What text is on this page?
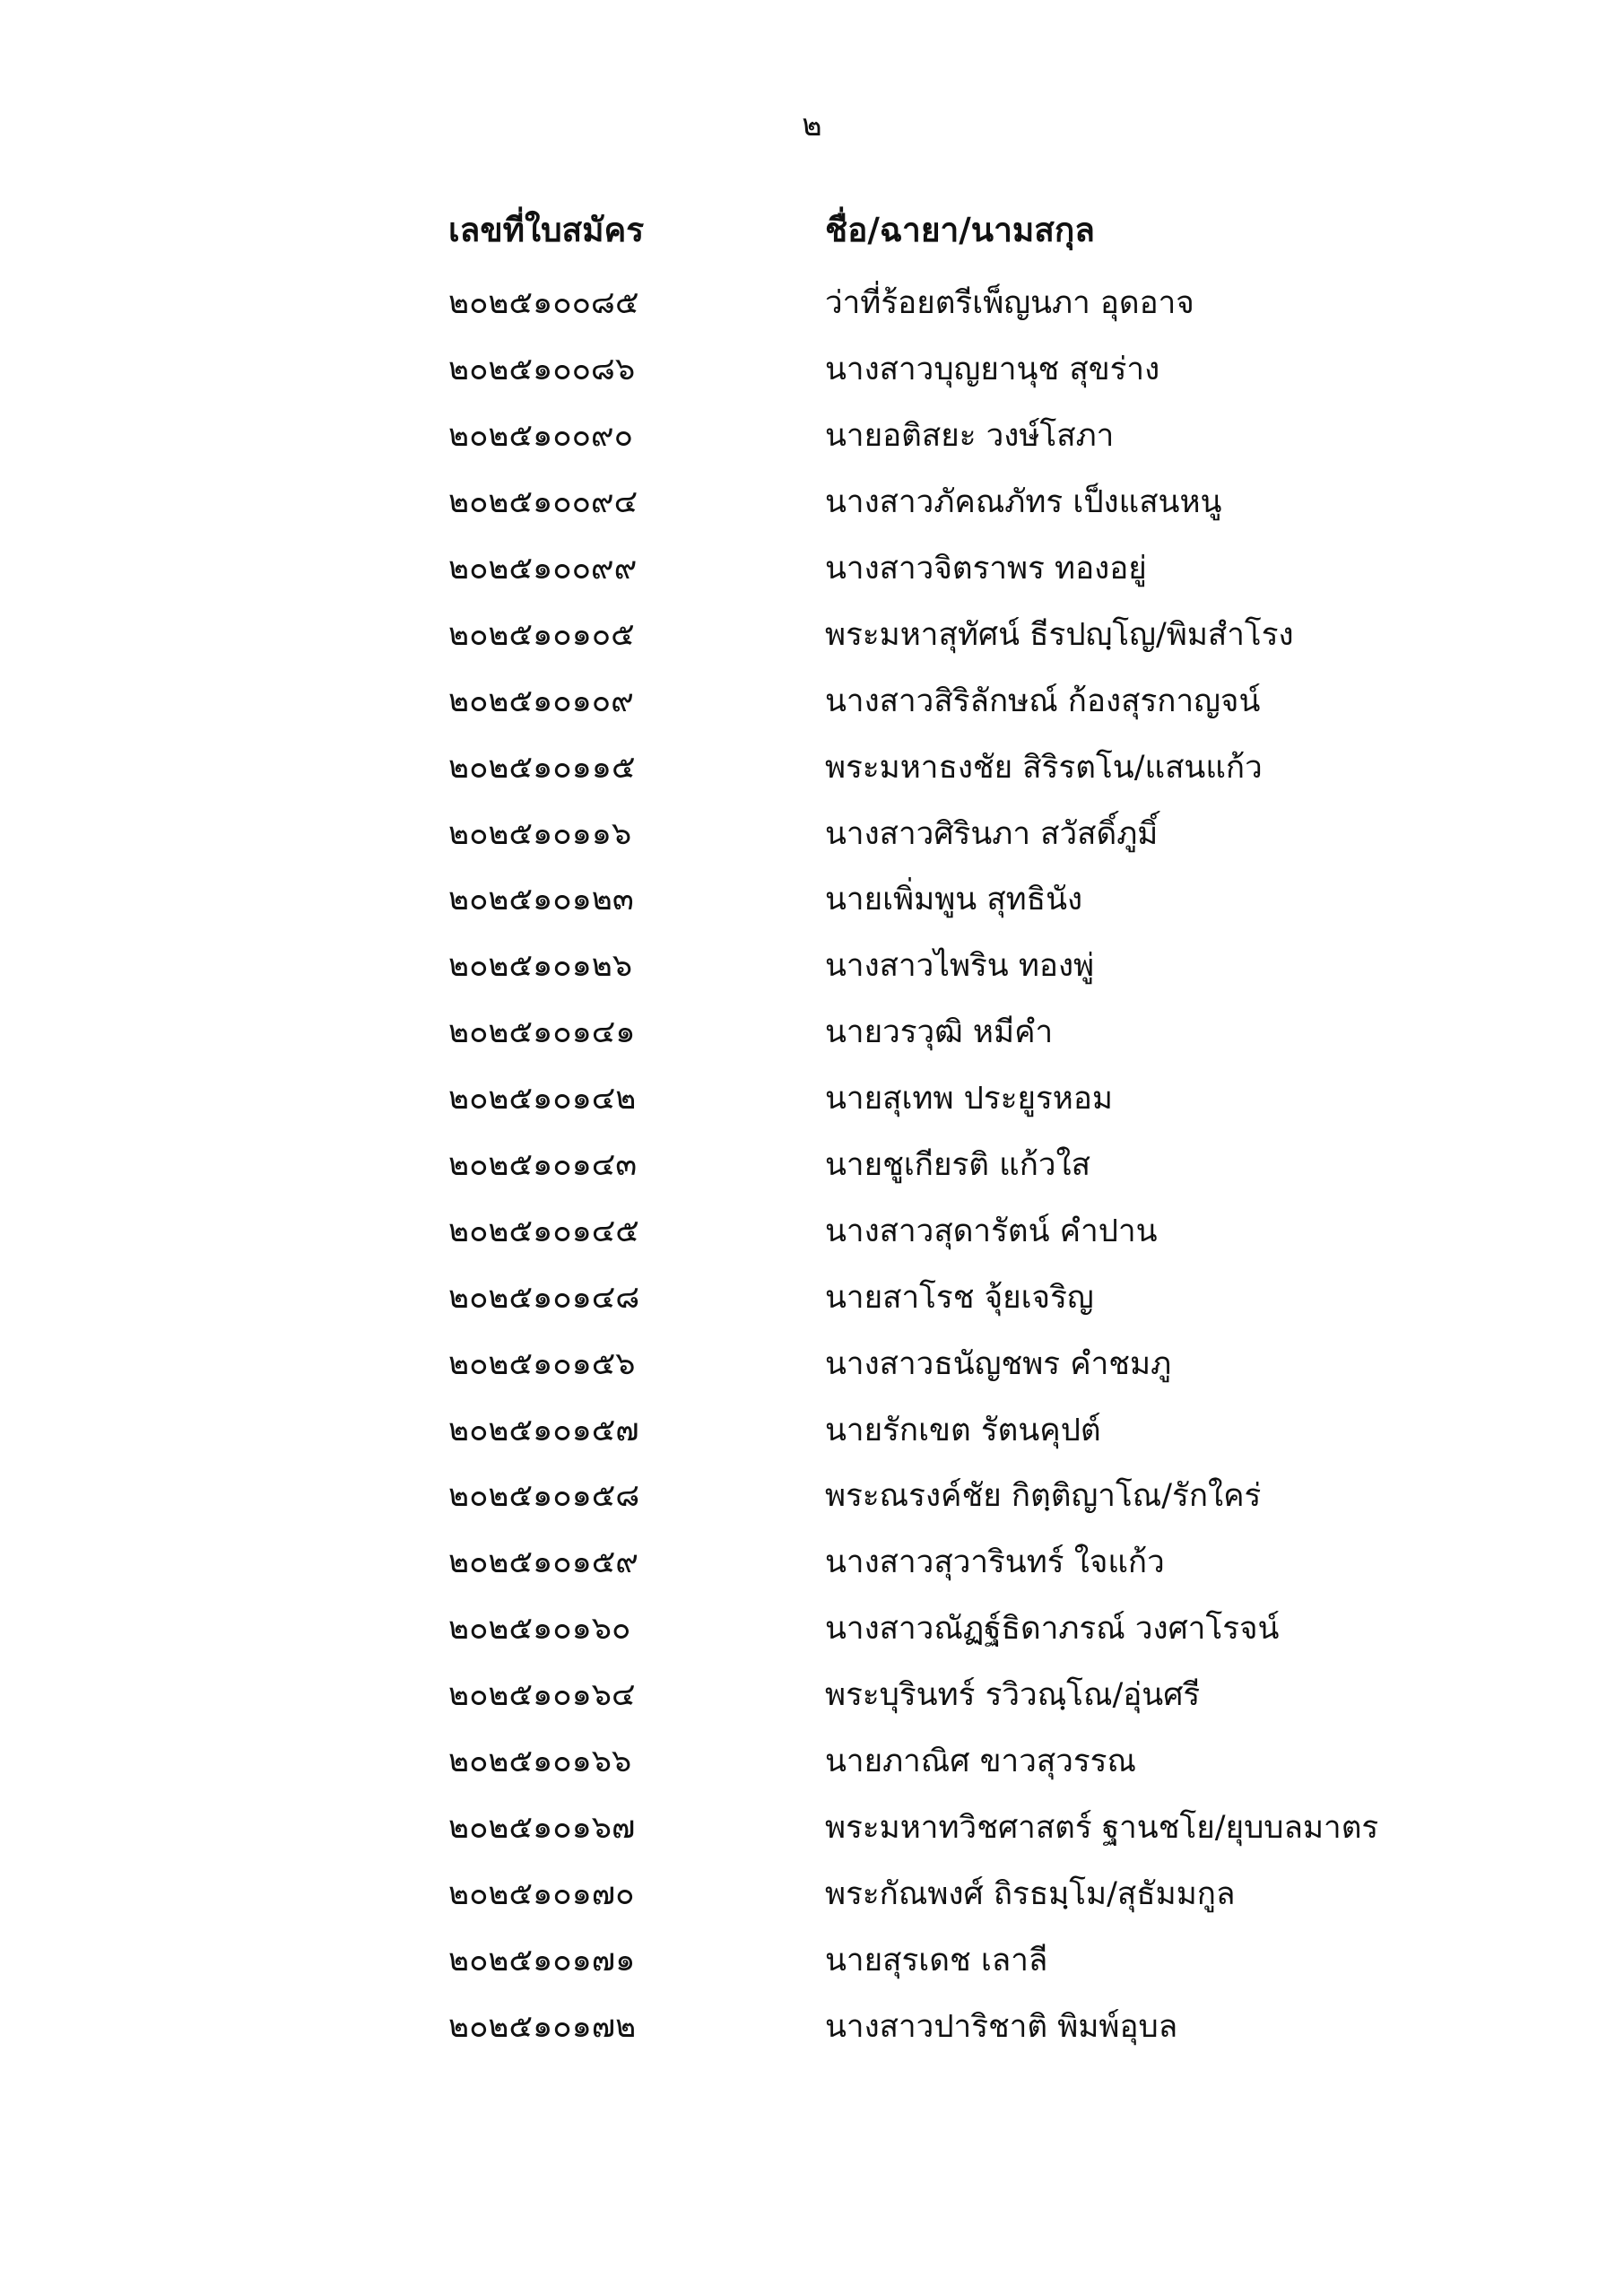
๒
เลขที่ใบสมัคร	ชื่อ/ฉายา/นามสกุล
๒๐๒๕๑๐๐๘๕	ว่าที่ร้อยตรีเพ็ญนภา อุดอาจ
๒๐๒๕๑๐๐๘๖	นางสาวบุญยานุช สุขร่าง
๒๐๒๕๑๐๐๙๐	นายอติสยะ วงษ์โสภา
๒๐๒๕๑๐๐๙๔	นางสาวภัคณภัทร เป็งแสนหนู
๒๐๒๕๑๐๐๙๙	นางสาวจิตราพร ทองอยู่
๒๐๒๕๑๐๑๐๕	พระมหาสุทัศน์ ธีรปญฺโญ/พิมสำโรง
๒๐๒๕๑๐๑๐๙	นางสาวสิริลักษณ์ ก้องสุรกาญจน์
๒๐๒๕๑๐๑๑๕	พระมหาธงชัย สิริรตโน/แสนแก้ว
๒๐๒๕๑๐๑๑๖	นางสาวศิรินภา สวัสดิ์ภูมิ์
๒๐๒๕๑๐๑๒๓	นายเพิ่มพูน สุทธินัง
๒๐๒๕๑๐๑๒๖	นางสาวไพริน ทองพู่
๒๐๒๕๑๐๑๔๑	นายวรวุฒิ หมีคำ
๒๐๒๕๑๐๑๔๒	นายสุเทพ ประยูรหอม
๒๐๒๕๑๐๑๔๓	นายชูเกียรติ แก้วใส
๒๐๒๕๑๐๑๔๕	นางสาวสุดารัตน์ คำปาน
๒๐๒๕๑๐๑๔๘	นายสาโรช จุ้ยเจริญ
๒๐๒๕๑๐๑๕๖	นางสาวธนัญชพร คำชมภู
๒๐๒๕๑๐๑๕๗	นายรักเขต รัตนคุปต์
๒๐๒๕๑๐๑๕๘	พระณรงค์ชัย กิตฺติญาโณ/รักใคร่
๒๐๒๕๑๐๑๕๙	นางสาวสุวารินทร์ ใจแก้ว
๒๐๒๕๑๐๑๖๐	นางสาวณัฏฐ์ธิดาภรณ์ วงศาโรจน์
๒๐๒๕๑๐๑๖๔	พระบุรินทร์ รวิวณฺโณ/อุ่นศรี
๒๐๒๕๑๐๑๖๖	นายภาณิศ ขาวสุวรรณ
๒๐๒๕๑๐๑๖๗	พระมหาทวิชศาสตร์ ฐานชโย/ยุบบลมาตร
๒๐๒๕๑๐๑๗๐	พระกัณพงศ์ ถิรธมฺโม/สุธัมมกูล
๒๐๒๕๑๐๑๗๑	นายสุรเดช เลาลี
๒๐๒๕๑๐๑๗๒	นางสาวปาริชาติ พิมพ์อุบล
